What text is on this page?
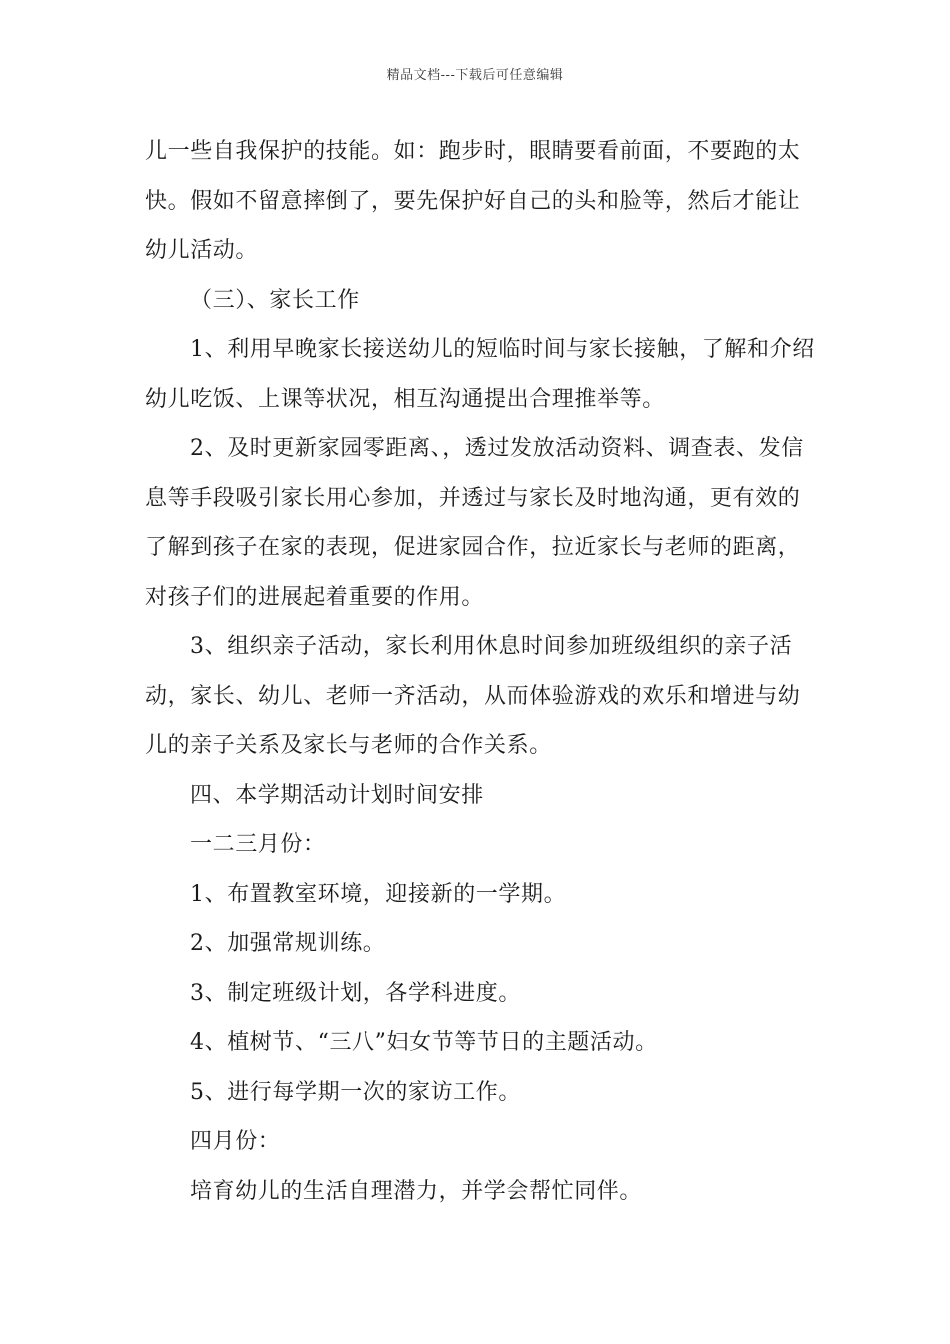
精品文档---下载后可任意编辑

儿一些自我保护的技能。如：跑步时，眼睛要看前面，不要跑的太快。假如不留意摔倒了，要先保护好自己的头和脸等，然后才能让幼儿活动。

（三）、家长工作

1、利用早晚家长接送幼儿的短临时间与家长接触，了解和介绍幼儿吃饭、上课等状况，相互沟通提出合理推举等。

2、及时更新家园零距离、，透过发放活动资料、调查表、发信息等手段吸引家长用心参加，并透过与家长及时地沟通，更有效的了解到孩子在家的表现，促进家园合作，拉近家长与老师的距离，对孩子们的进展起着重要的作用。

3、组织亲子活动，家长利用休息时间参加班级组织的亲子活动，家长、幼儿、老师一齐活动，从而体验游戏的欢乐和增进与幼儿的亲子关系及家长与老师的合作关系。

四、本学期活动计划时间安排

一二三月份：

1、布置教室环境，迎接新的一学期。

2、加强常规训练。

3、制定班级计划，各学科进度。

4、植树节、“三八”妇女节等节日的主题活动。

5、进行每学期一次的家访工作。

四月份：

培育幼儿的生活自理潜力，并学会帮忙同伴。
